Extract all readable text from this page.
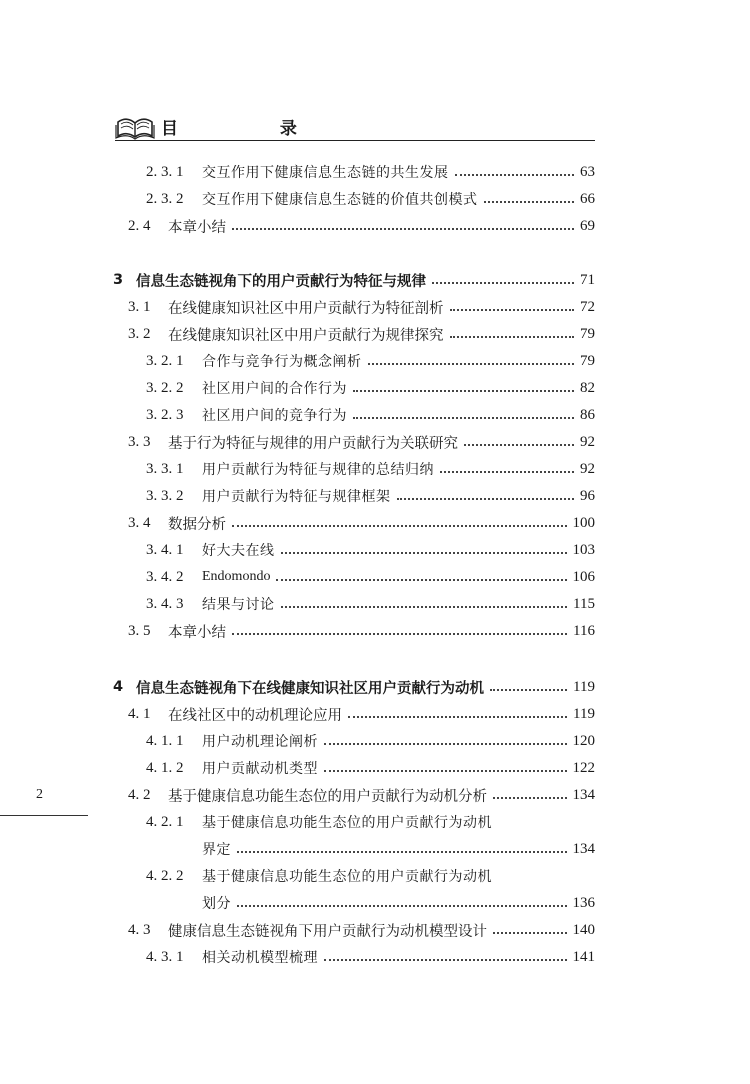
目 录
2. 3. 1	交互作用下健康信息生态链的共生发展	63
2. 3. 2	交互作用下健康信息生态链的价值共创模式	66
2. 4	本章小结	69
3 信息生态链视角下的用户贡献行为特征与规律	71
3. 1	在线健康知识社区中用户贡献行为特征剖析	72
3. 2	在线健康知识社区中用户贡献行为规律探究	79
3. 2. 1	合作与竞争行为概念阐析	79
3. 2. 2	社区用户间的合作行为	82
3. 2. 3	社区用户间的竞争行为	86
3. 3	基于行为特征与规律的用户贡献行为关联研究	92
3. 3. 1	用户贡献行为特征与规律的总结归纳	92
3. 3. 2	用户贡献行为特征与规律框架	96
3. 4	数据分析	100
3. 4. 1	好大夫在线	103
3. 4. 2	Endomondo	106
3. 4. 3	结果与讨论	115
3. 5	本章小结	116
4 信息生态链视角下在线健康知识社区用户贡献行为动机	119
4. 1	在线社区中的动机理论应用	119
4. 1. 1	用户动机理论阐析	120
4. 1. 2	用户贡献动机类型	122
4. 2	基于健康信息功能生态位的用户贡献行为动机分析	134
4. 2. 1	基于健康信息功能生态位的用户贡献行为动机
界定	134
4. 2. 2	基于健康信息功能生态位的用户贡献行为动机
划分	136
4. 3	健康信息生态链视角下用户贡献行为动机模型设计	140
4. 3. 1	相关动机模型梳理	141
2
